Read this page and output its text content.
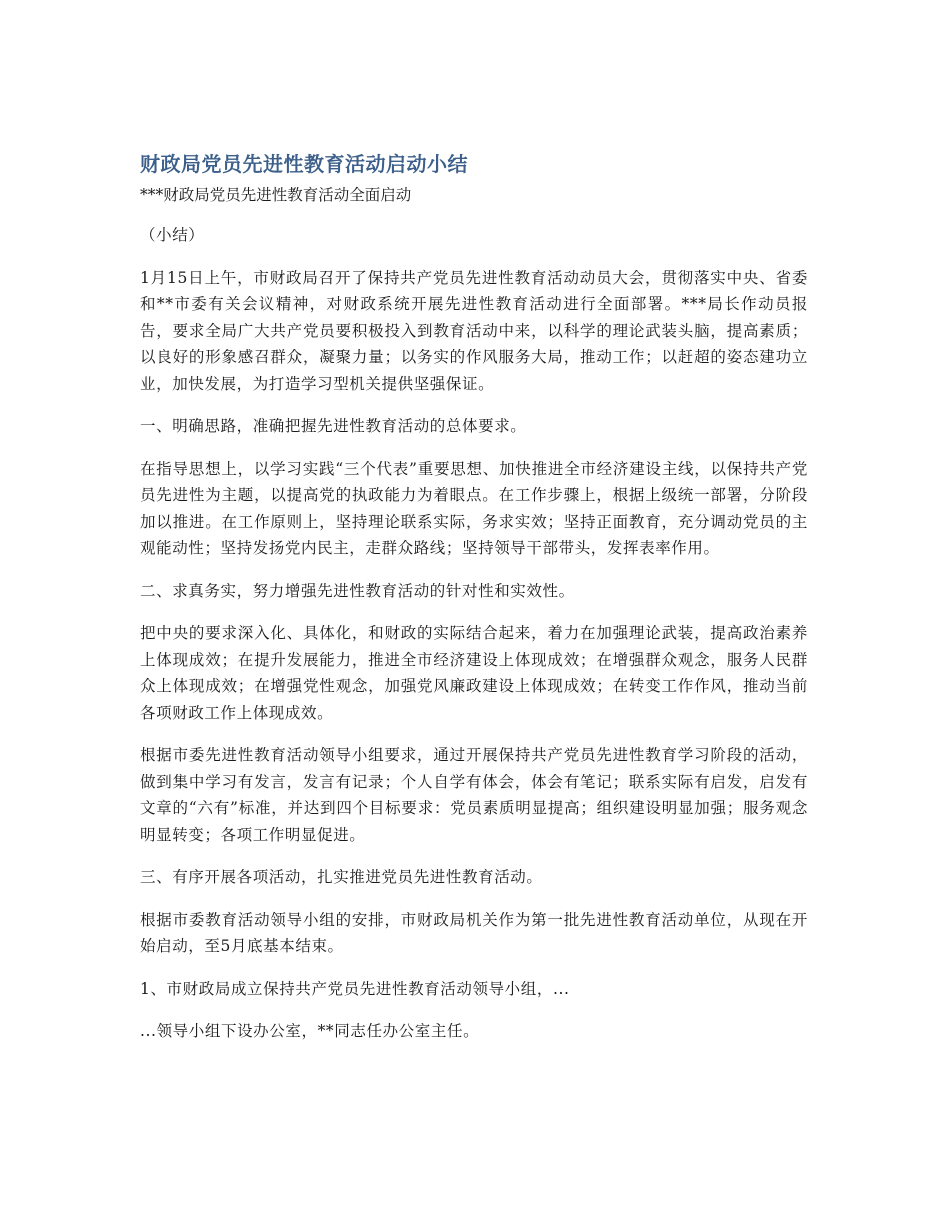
财政局党员先进性教育活动启动小结

***财政局党员先进性教育活动全面启动

（小结）

1月15日上午，市财政局召开了保持共产党员先进性教育活动动员大会，贯彻落实中央、省委和**市委有关会议精神，对财政系统开展先进性教育活动进行全面部署。***局长作动员报告，要求全局广大共产党员要积极投入到教育活动中来，以科学的理论武装头脑，提高素质；以良好的形象感召群众，凝聚力量；以务实的作风服务大局，推动工作；以赶超的姿态建功立业，加快发展，为打造学习型机关提供坚强保证。

一、明确思路，准确把握先进性教育活动的总体要求。

在指导思想上，以学习实践“三个代表”重要思想、加快推进全市经济建设主线，以保持共产党员先进性为主题，以提高党的执政能力为着眼点。在工作步骤上，根据上级统一部署，分阶段加以推进。在工作原则上，坚持理论联系实际，务求实效；坚持正面教育，充分调动党员的主观能动性；坚持发扬党内民主，走群众路线；坚持领导干部带头，发挥表率作用。

二、求真务实，努力增强先进性教育活动的针对性和实效性。

把中央的要求深入化、具体化，和财政的实际结合起来，着力在加强理论武装，提高政治素养上体现成效；在提升发展能力，推进全市经济建设上体现成效；在增强群众观念，服务人民群众上体现成效；在增强党性观念，加强党风廉政建设上体现成效；在转变工作作风，推动当前各项财政工作上体现成效。

根据市委先进性教育活动领导小组要求，通过开展保持共产党员先进性教育学习阶段的活动，做到集中学习有发言，发言有记录；个人自学有体会，体会有笔记；联系实际有启发，启发有文章的“六有”标准，并达到四个目标要求：党员素质明显提高；组织建设明显加强；服务观念明显转变；各项工作明显促进。

三、有序开展各项活动，扎实推进党员先进性教育活动。

根据市委教育活动领导小组的安排，市财政局机关作为第一批先进性教育活动单位，从现在开始启动，至5月底基本结束。

1、市财政局成立保持共产党员先进性教育活动领导小组，...

...领导小组下设办公室，**同志任办公室主任。
